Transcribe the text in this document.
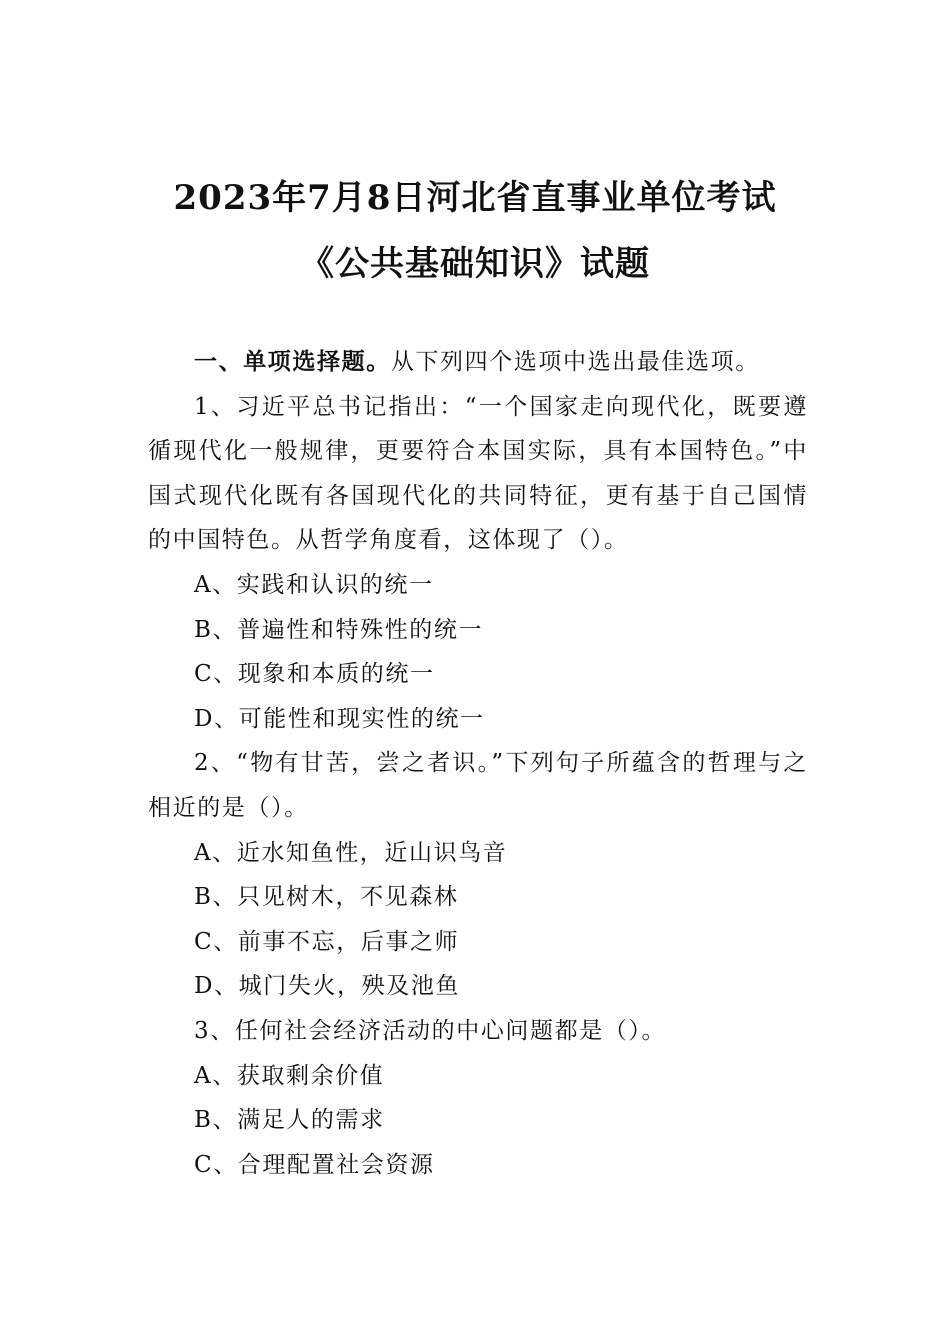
2023年7月8日河北省直事业单位考试
《公共基础知识》试题

一、单项选择题。从下列四个选项中选出最佳选项。

1、习近平总书记指出：“一个国家走向现代化，既要遵循现代化一般规律，更要符合本国实际，具有本国特色。”中国式现代化既有各国现代化的共同特征，更有基于自己国情的中国特色。从哲学角度看，这体现了（）。

A、实践和认识的统一

B、普遍性和特殊性的统一

C、现象和本质的统一

D、可能性和现实性的统一

2、“物有甘苦，尝之者识。”下列句子所蕴含的哲理与之相近的是（）。

A、近水知鱼性，近山识鸟音

B、只见树木，不见森林

C、前事不忘，后事之师

D、城门失火，殃及池鱼

3、任何社会经济活动的中心问题都是（）。

A、获取剩余价值

B、满足人的需求

C、合理配置社会资源
